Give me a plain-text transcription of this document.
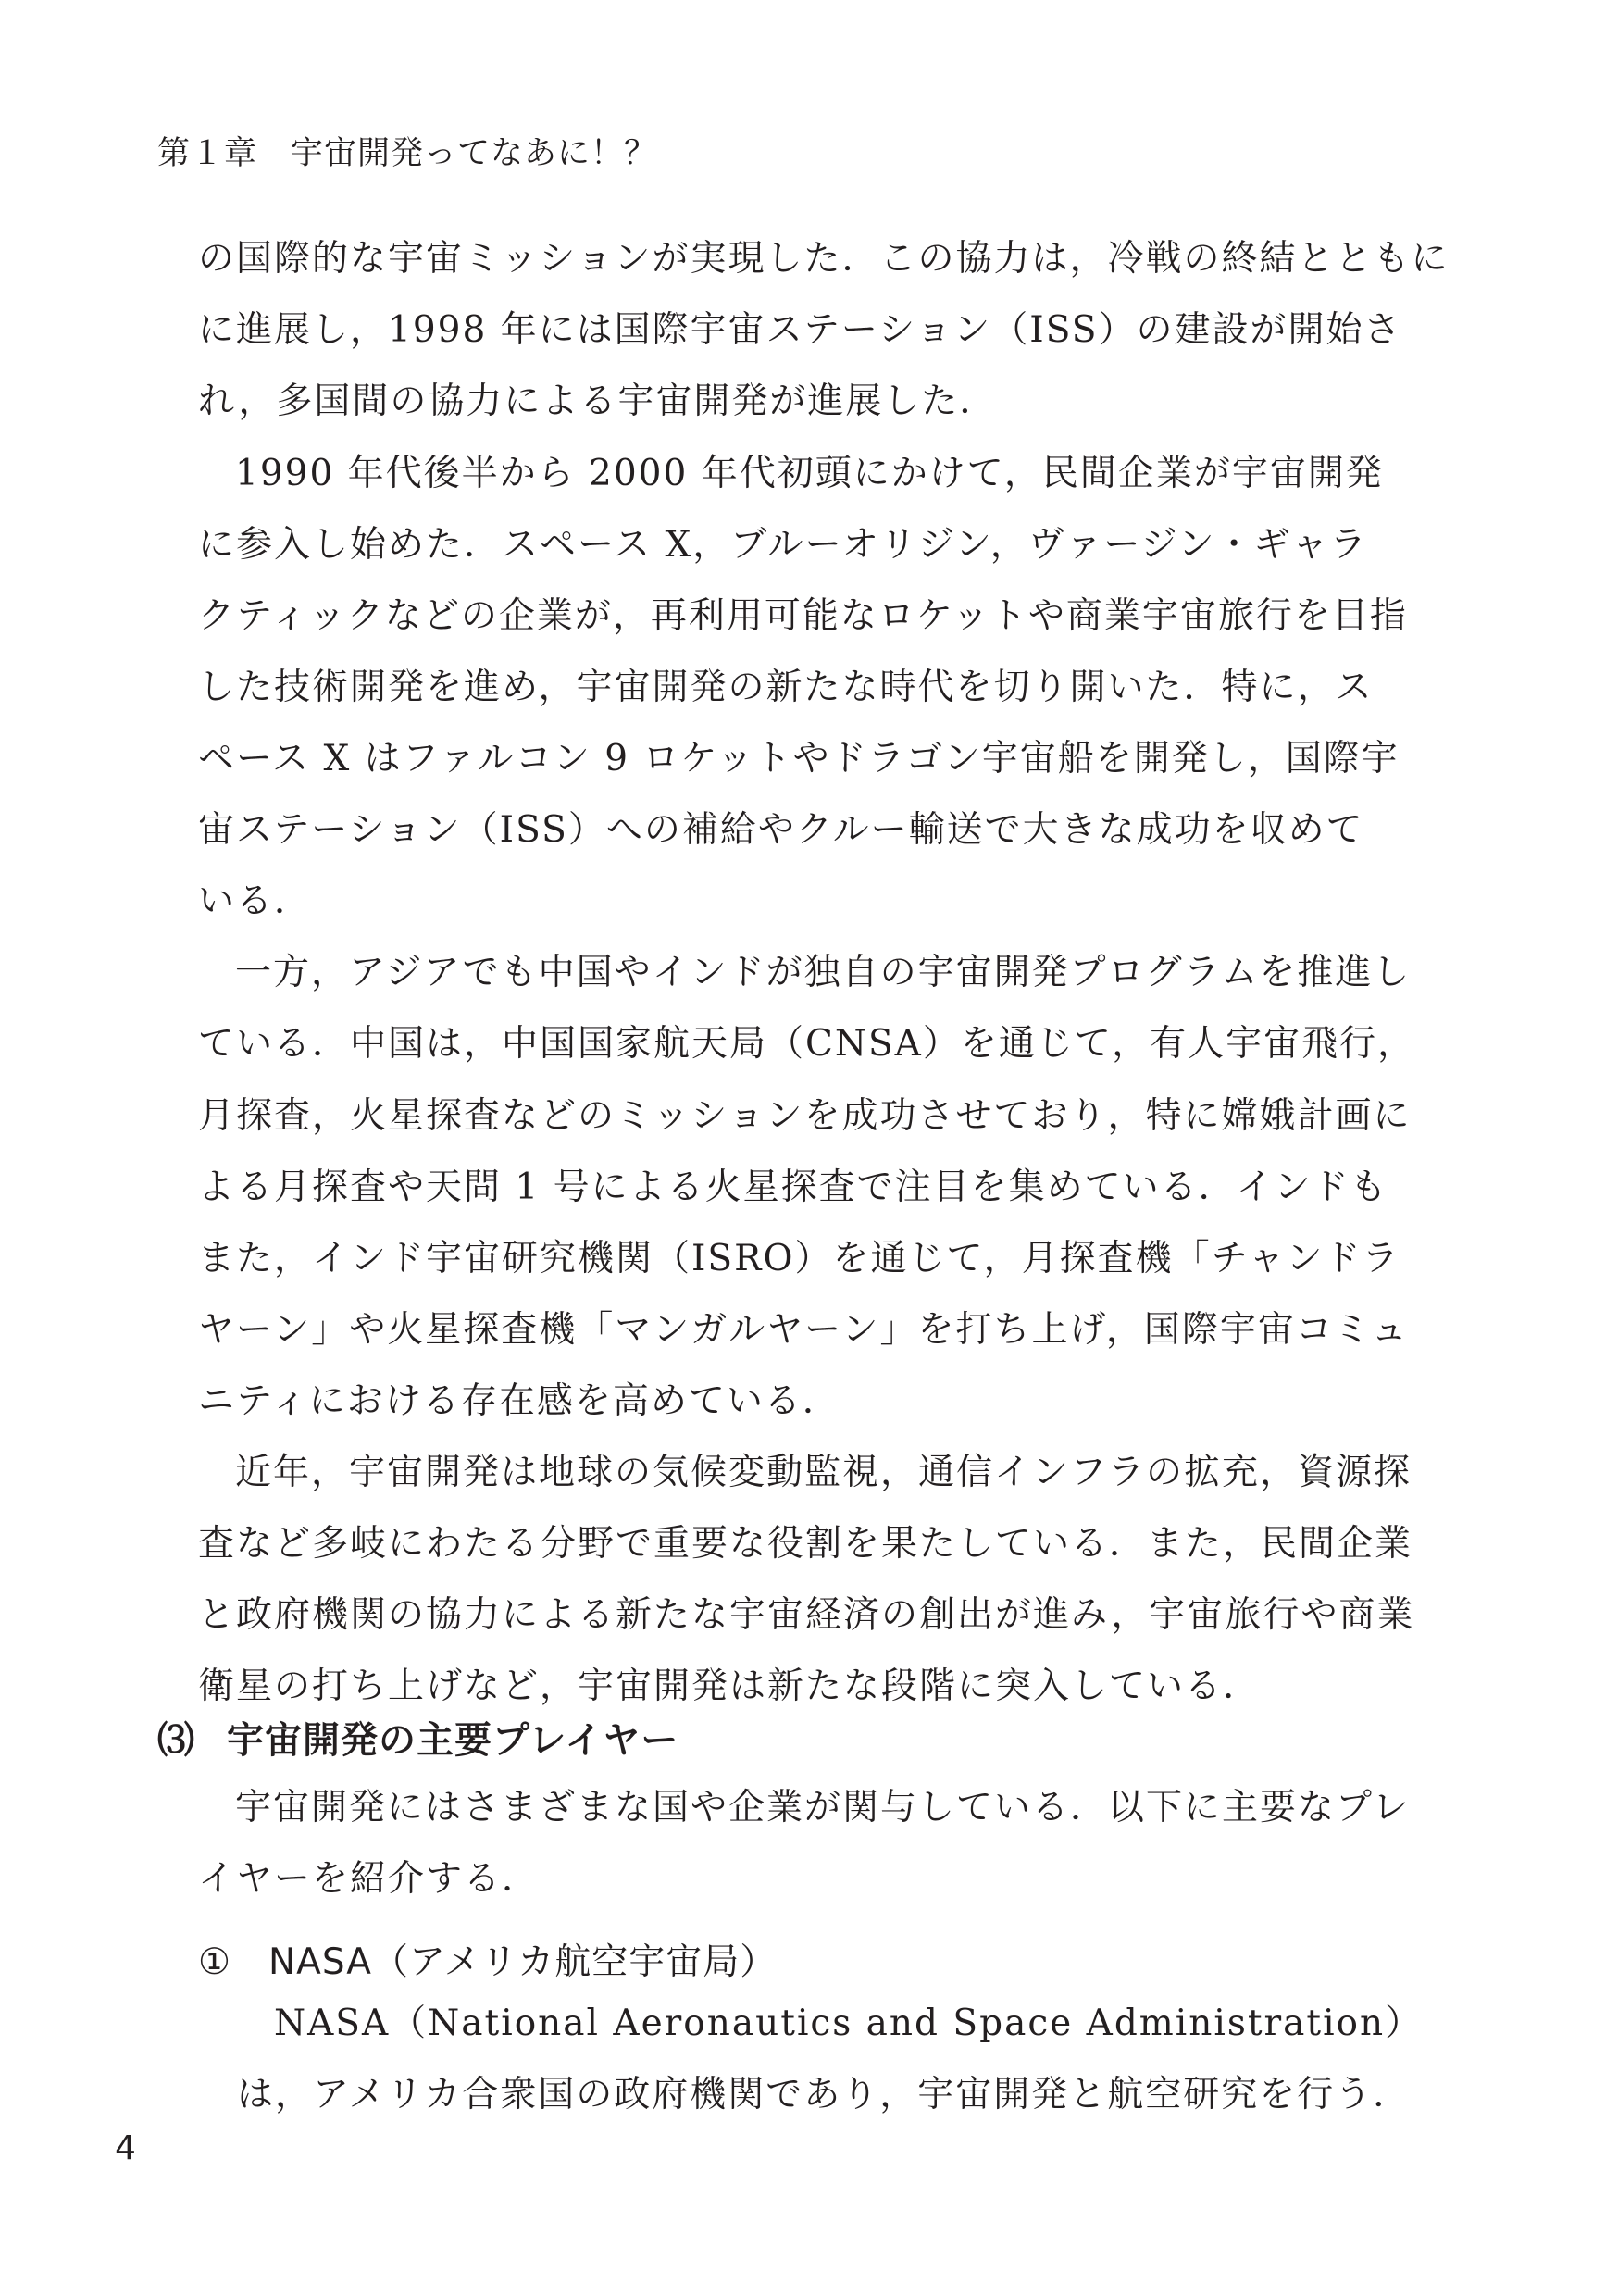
第１章　宇宙開発ってなあに！？
の国際的な宇宙ミッションが実現した．この協力は，冷戦の終結とともに
に進展し，1998 年には国際宇宙ステーション（ISS）の建設が開始さ
れ，多国間の協力による宇宙開発が進展した．
1990 年代後半から 2000 年代初頭にかけて，民間企業が宇宙開発
に参入し始めた．スペース X，ブルーオリジン，ヴァージン・ギャラ
クティックなどの企業が，再利用可能なロケットや商業宇宙旅行を目指
した技術開発を進め，宇宙開発の新たな時代を切り開いた．特に，ス
ペース X はファルコン 9 ロケットやドラゴン宇宙船を開発し，国際宇
宙ステーション（ISS）への補給やクルー輸送で大きな成功を収めて
いる．
一方，アジアでも中国やインドが独自の宇宙開発プログラムを推進し
ている．中国は，中国国家航天局（CNSA）を通じて，有人宇宙飛行，
月探査，火星探査などのミッションを成功させており，特に嫦娥計画に
よる月探査や天問 1 号による火星探査で注目を集めている．インドも
また，インド宇宙研究機関（ISRO）を通じて，月探査機「チャンドラ
ヤーン」や火星探査機「マンガルヤーン」を打ち上げ，国際宇宙コミュ
ニティにおける存在感を高めている．
近年，宇宙開発は地球の気候変動監視，通信インフラの拡充，資源探
査など多岐にわたる分野で重要な役割を果たしている．また，民間企業
と政府機関の協力による新たな宇宙経済の創出が進み，宇宙旅行や商業
衛星の打ち上げなど，宇宙開発は新たな段階に突入している．
⑶ 宇宙開発の主要プレイヤー
宇宙開発にはさまざまな国や企業が関与している．以下に主要なプレ
イヤーを紹介する．
① NASA（アメリカ航空宇宙局）
NASA（National Aeronautics and Space Administration）
は，アメリカ合衆国の政府機関であり，宇宙開発と航空研究を行う．
4
